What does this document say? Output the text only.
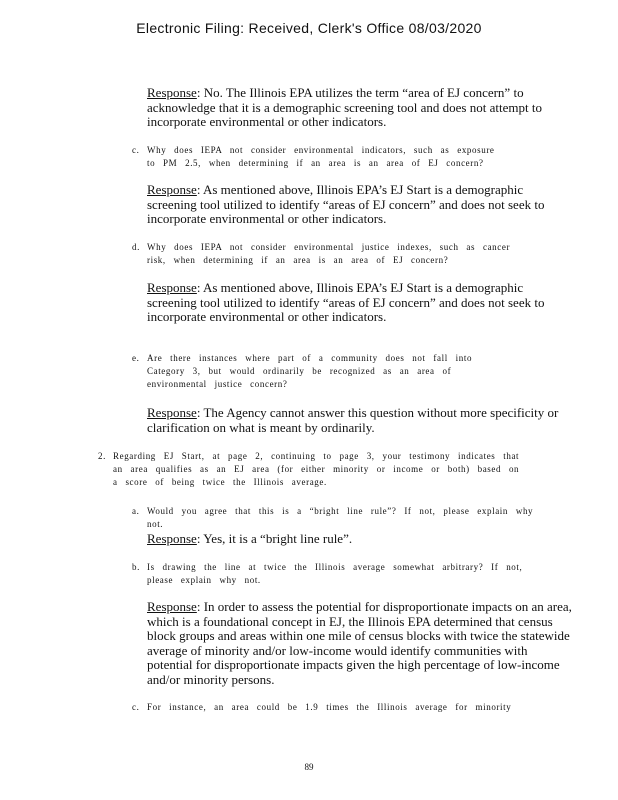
Electronic Filing: Received, Clerk's Office 08/03/2020
Response: No. The Illinois EPA utilizes the term “area of EJ concern” to acknowledge that it is a demographic screening tool and does not attempt to incorporate environmental or other indicators.
c. Why does IEPA not consider environmental indicators, such as exposure to PM 2.5, when determining if an area is an area of EJ concern?
Response: As mentioned above, Illinois EPA’s EJ Start is a demographic screening tool utilized to identify “areas of EJ concern” and does not seek to incorporate environmental or other indicators.
d. Why does IEPA not consider environmental justice indexes, such as cancer risk, when determining if an area is an area of EJ concern?
Response: As mentioned above, Illinois EPA’s EJ Start is a demographic screening tool utilized to identify “areas of EJ concern” and does not seek to incorporate environmental or other indicators.
e. Are there instances where part of a community does not fall into Category 3, but would ordinarily be recognized as an area of environmental justice concern?
Response: The Agency cannot answer this question without more specificity or clarification on what is meant by ordinarily.
2. Regarding EJ Start, at page 2, continuing to page 3, your testimony indicates that an area qualifies as an EJ area (for either minority or income or both) based on a score of being twice the Illinois average.
a. Would you agree that this is a “bright line rule”? If not, please explain why not.
Response: Yes, it is a “bright line rule”.
b. Is drawing the line at twice the Illinois average somewhat arbitrary? If not, please explain why not.
Response: In order to assess the potential for disproportionate impacts on an area, which is a foundational concept in EJ, the Illinois EPA determined that census block groups and areas within one mile of census blocks with twice the statewide average of minority and/or low-income would identify communities with potential for disproportionate impacts given the high percentage of low-income and/or minority persons.
c. For instance, an area could be 1.9 times the Illinois average for minority
89
